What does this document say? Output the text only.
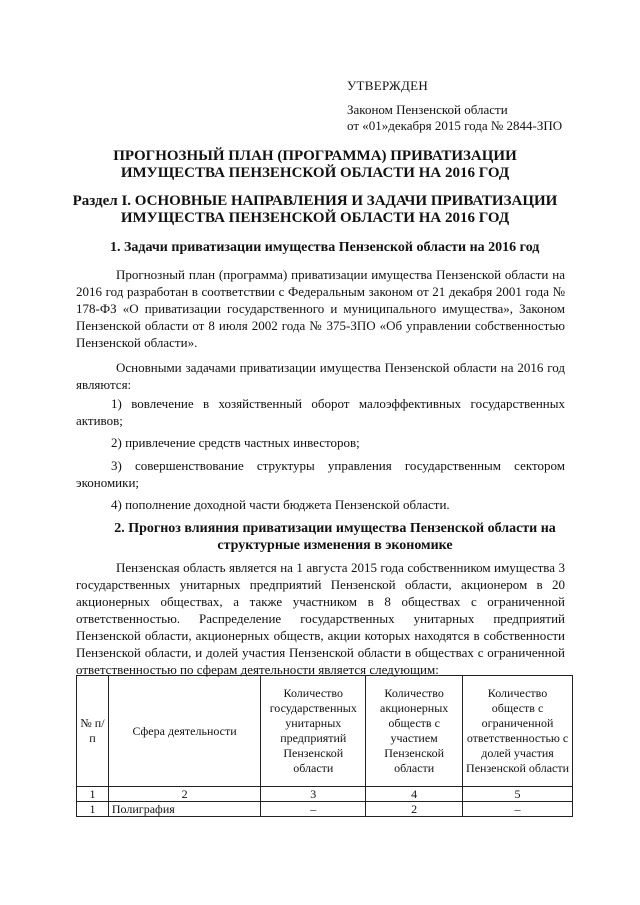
УТВЕРЖДЕН
Законом Пензенской области
от «01»декабря 2015 года № 2844-ЗПО
ПРОГНОЗНЫЙ ПЛАН (ПРОГРАММА) ПРИВАТИЗАЦИИ
ИМУЩЕСТВА ПЕНЗЕНСКОЙ ОБЛАСТИ НА 2016 ГОД
Раздел I. ОСНОВНЫЕ НАПРАВЛЕНИЯ И ЗАДАЧИ ПРИВАТИЗАЦИИ
ИМУЩЕСТВА ПЕНЗЕНСКОЙ ОБЛАСТИ НА 2016 ГОД
1. Задачи приватизации имущества Пензенской области на 2016 год
Прогнозный план (программа) приватизации имущества Пензенской области на 2016 год разработан в соответствии с Федеральным законом от 21 декабря 2001 года № 178-ФЗ «О приватизации государственного и муниципального имущества», Законом Пензенской области от 8 июля 2002 года № 375-ЗПО «Об управлении собственностью Пензенской области».
Основными задачами приватизации имущества Пензенской области на 2016 год являются:
1) вовлечение в хозяйственный оборот малоэффективных государственных активов;
2) привлечение средств частных инвесторов;
3) совершенствование структуры управления государственным сектором экономики;
4) пополнение доходной части бюджета Пензенской области.
2. Прогноз влияния приватизации имущества Пензенской области на
структурные изменения в экономике
Пензенская область является на 1 августа 2015 года собственником имущества 3 государственных унитарных предприятий Пензенской области, акционером в 20 акционерных обществах, а также участником в 8 обществах с ограниченной ответственностью. Распределение государственных унитарных предприятий Пензенской области, акционерных обществ, акции которых находятся в собственности Пензенской области, и долей участия Пензенской области в обществах с ограниченной ответственностью по сферам деятельности является следующим:
№ п/п	Сфера деятельности	Количество государственных унитарных предприятий Пензенской области	Количество акционерных обществ с участием Пензенской области	Количество обществ с ограниченной ответственностью с долей участия Пензенской области
1	2	3	4	5
1	Полиграфия	–	2	–
